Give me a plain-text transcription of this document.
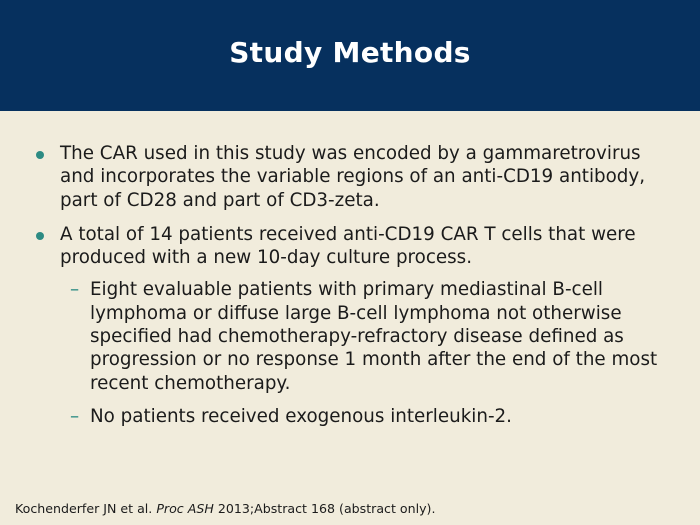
Study Methods
The CAR used in this study was encoded by a gammaretrovirus and incorporates the variable regions of an anti-CD19 antibody, part of CD28 and part of CD3-zeta.
A total of 14 patients received anti-CD19 CAR T cells that were produced with a new 10-day culture process.
– Eight evaluable patients with primary mediastinal B-cell lymphoma or diffuse large B-cell lymphoma not otherwise specified had chemotherapy-refractory disease defined as progression or no response 1 month after the end of the most recent chemotherapy.
– No patients received exogenous interleukin-2.
Kochenderfer JN et al. Proc ASH 2013;Abstract 168 (abstract only).
